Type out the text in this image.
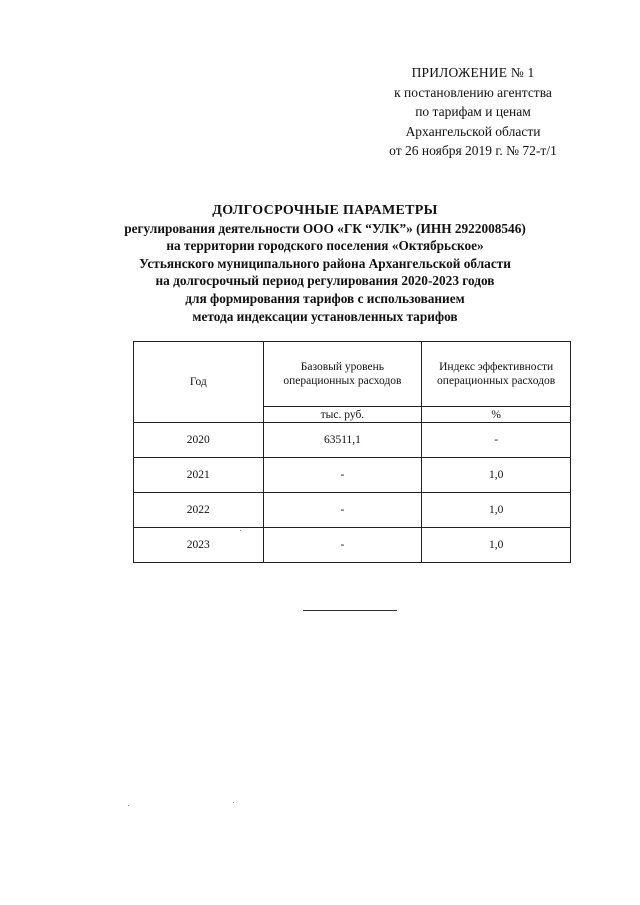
ПРИЛОЖЕНИЕ № 1
к постановлению агентства
по тарифам и ценам
Архангельской области
от 26 ноября 2019 г. № 72-т/1
ДОЛГОСРОЧНЫЕ ПАРАМЕТРЫ
регулирования деятельности ООО «ГК “УЛК”» (ИНН 2922008546)
на территории городского поселения «Октябрьское»
Устьянского муниципального района Архангельской области
на долгосрочный период регулирования 2020-2023 годов
для формирования тарифов с использованием
метода индексации установленных тарифов
Год	Базовый уровень операционных расходов	Индекс эффективности операционных расходов
	тыс. руб.	%
2020	63511,1	-
2021	-	1,0
2022	-	1,0
2023	-	1,0
